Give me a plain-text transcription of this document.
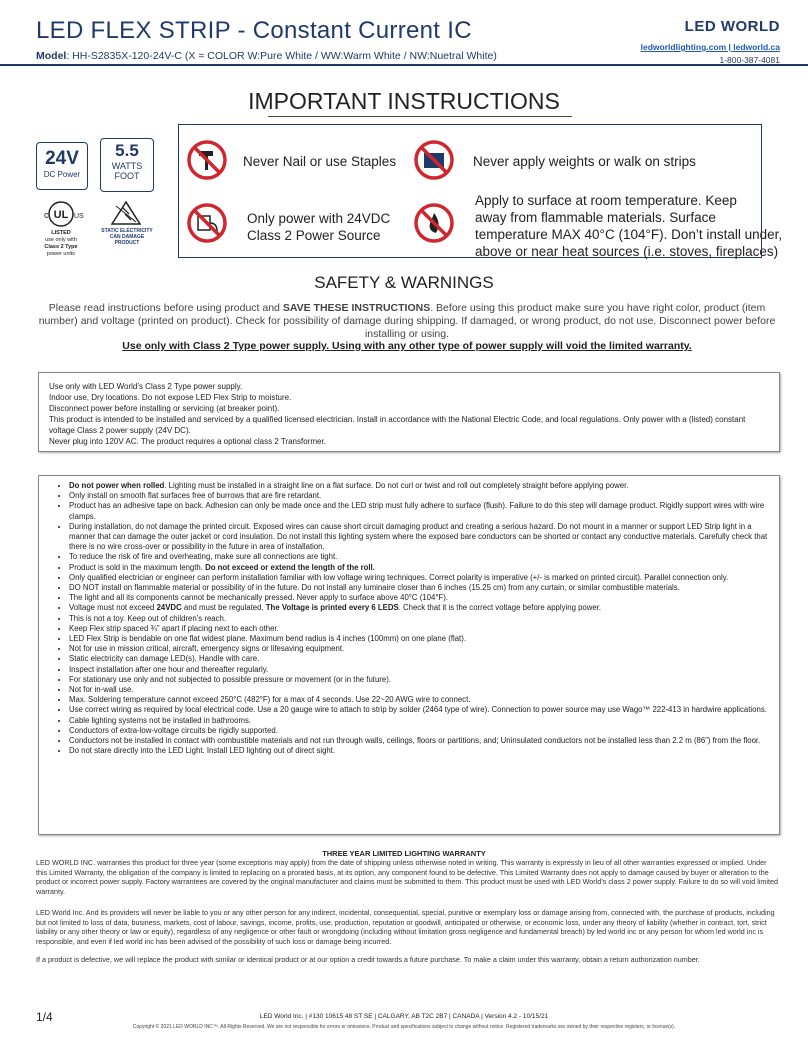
LED FLEX STRIP - Constant Current IC
Model: HH-S2835X-120-24V-C (X = COLOR W:Pure White / WW:Warm White / NW:Nuetral White)
LED WORLD
ledworldlighting.com | ledworld.ca
1-800-387-4081
IMPORTANT INSTRUCTIONS
24V
DC Power
5.5
WATTS
FOOT
UL
c	US
LISTED
use only with
Class 2 Type
power units
STATIC ELECTRICITY
CAN DAMAGE
PRODUCT
Never Nail or use Staples	Never apply weights or walk on strips
Only power with 24VDC
Class 2 Power Source
Apply to surface at room temperature. Keep
away from flammable materials. Surface
temperature MAX 40°C (104°F). Don’t install under,
above or near heat sources (i.e. stoves, fireplaces)
SAFETY & WARNINGS
Please read instructions before using product and SAVE THESE INSTRUCTIONS. Before using this product make sure you have right color, product (item number) and voltage (printed on product). Check for possibility of damage during shipping. If damaged, or wrong product, do not use. Disconnect power before installing or using.
Use only with Class 2 Type power supply. Using with any other type of power supply will void the limited warranty.
Use only with LED World’s Class 2 Type power supply.
Indoor use, Dry locations. Do not expose LED Flex Strip to moisture.
Disconnect power before installing or servicing (at breaker point).
This product is intended to be installed and serviced by a qualified licensed electrician. Install in accordance with the National Electric Code, and local regulations. Only power with a (listed) constant voltage Class 2 power supply (24V DC).
Never plug into 120V AC. The product requires a optional class 2 Transformer.
• Do not power when rolled. Lighting must be installed in a straight line on a flat surface. Do not curl or twist and roll out completely straight before applying power.
• Only install on smooth flat surfaces free of burrows that are fire retardant.
• Product has an adhesive tape on back. Adhesion can only be made once and the LED strip must fully adhere to surface (flush). Failure to do this step will damage product. Rigidly support wires with wire clamps.
• During installation, do not damage the printed circuit. Exposed wires can cause short circuit damaging product and creating a serious hazard. Do not mount in a manner or support LED Strip light in a manner that can damage the outer jacket or cord insulation. Do not install this lighting system where the exposed bare conductors can be shorted or contact any conductive materials. Carefully check that there is no wire cross-over or possibility in the future in area of installation.
• To reduce the risk of fire and overheating, make sure all connections are tight.
• Product is sold in the maximum length. Do not exceed or extend the length of the roll.
• Only qualified electrician or engineer can perform installation familiar with low voltage wiring techniques. Correct polarity is imperative (+/- is marked on printed circuit). Parallel connection only.
• DO NOT install on flammable material or possibility of in the future. Do not install any luminaire closer than 6 inches (15.25 cm) from any curtain, or similar combustible materials.
• The light and all its components cannot be mechanically pressed. Never apply to surface above 40°C (104°F).
• Voltage must not exceed 24VDC and must be regulated. The Voltage is printed every 6 LEDS. Check that it is the correct voltage before applying power.
• This is not a toy. Keep out of children’s reach.
• Keep Flex strip spaced ¾” apart if placing next to each other.
• LED Flex Strip is bendable on one flat widest plane. Maximum bend radius is 4 inches (100mm) on one plane (flat).
• Not for use in mission critical, aircraft, emergency signs or lifesaving equipment.
• Static electricity can damage LED(s). Handle with care.
• Inspect installation after one hour and thereafter regularly.
• For stationary use only and not subjected to possible pressure or movement (or in the future).
• Not for in-wall use.
• Max. Soldering temperature cannot exceed 250°C (482°F) for a max of 4 seconds. Use 22~20 AWG wire to connect.
• Use correct wiring as required by local electrical code. Use a 20 gauge wire to attach to strip by solder (2464 type of wire). Connection to power source may use Wago™ 222-413 in hardwire applications.
• Cable lighting systems not be installed in bathrooms.
• Conductors of extra-low-voltage circuits be rigidly supported.
• Conductors not be installed in contact with combustible materials and not run through walls, ceilings, floors or partitions, and; Uninsulated conductors not be installed less than 2.2 m (86”) from the floor.
• Do not stare directly into the LED Light. Install LED lighting out of direct sight.
THREE YEAR LIMITED LIGHTING WARRANTY
LED WORLD INC. warranties this product for three year (some exceptions may apply) from the date of shipping unless otherwise noted in writing. This warranty is expressly in lieu of all other warranties expressed or implied. Under this Limited Warranty, the obligation of the company is limited to replacing on a prorated basis, at its option, any component found to be defective. This Limited Warranty does not apply to damage caused by buyer or alteration to the product or incorrect power supply. Factory warrantees are covered by the original manufacturer and claims must be submitted to them. This product must be used with LED World’s class 2 power supply. Failure to do so will void limited warranty.
LED World Inc. And its providers will never be liable to you or any other person for any indirect, incidental, consequential, special, punitive or exemplary loss or damage arising from, connected with, the purchase of products, including but not limited to loss of data, business, markets, cost of labour, savings, income, profits, use, production, reputation or goodwill, anticipated or otherwise, or economic loss, under any theory of liability (whether in contract, tort, strict liability or any other theory or law or equity), regardless of any negligence or other fault or wrongdoing (including without limitation gross negligence and fundamental breach) by led world inc or any person for whom led world inc is responsible, and even if led world inc has been advised of the possibility of such loss or damage being incurred.
If a product is defective, we will replace the product with similar or identical product or at our option a credit towards a future purchase. To make a claim under this warranty, obtain a return authorization number.
1/4	LED World Inc. | #130 10615 48 ST SE | CALGARY, AB T2C 2B7 | CANADA | Version 4.2 - 10/15/21
Copyright © 2021 LED WORLD INC™. All Rights Reserved. We are not responsible for errors or omissions. Product and specifications subject to change without notice. Registered trademarks are owned by their respective registers, or license(s).
